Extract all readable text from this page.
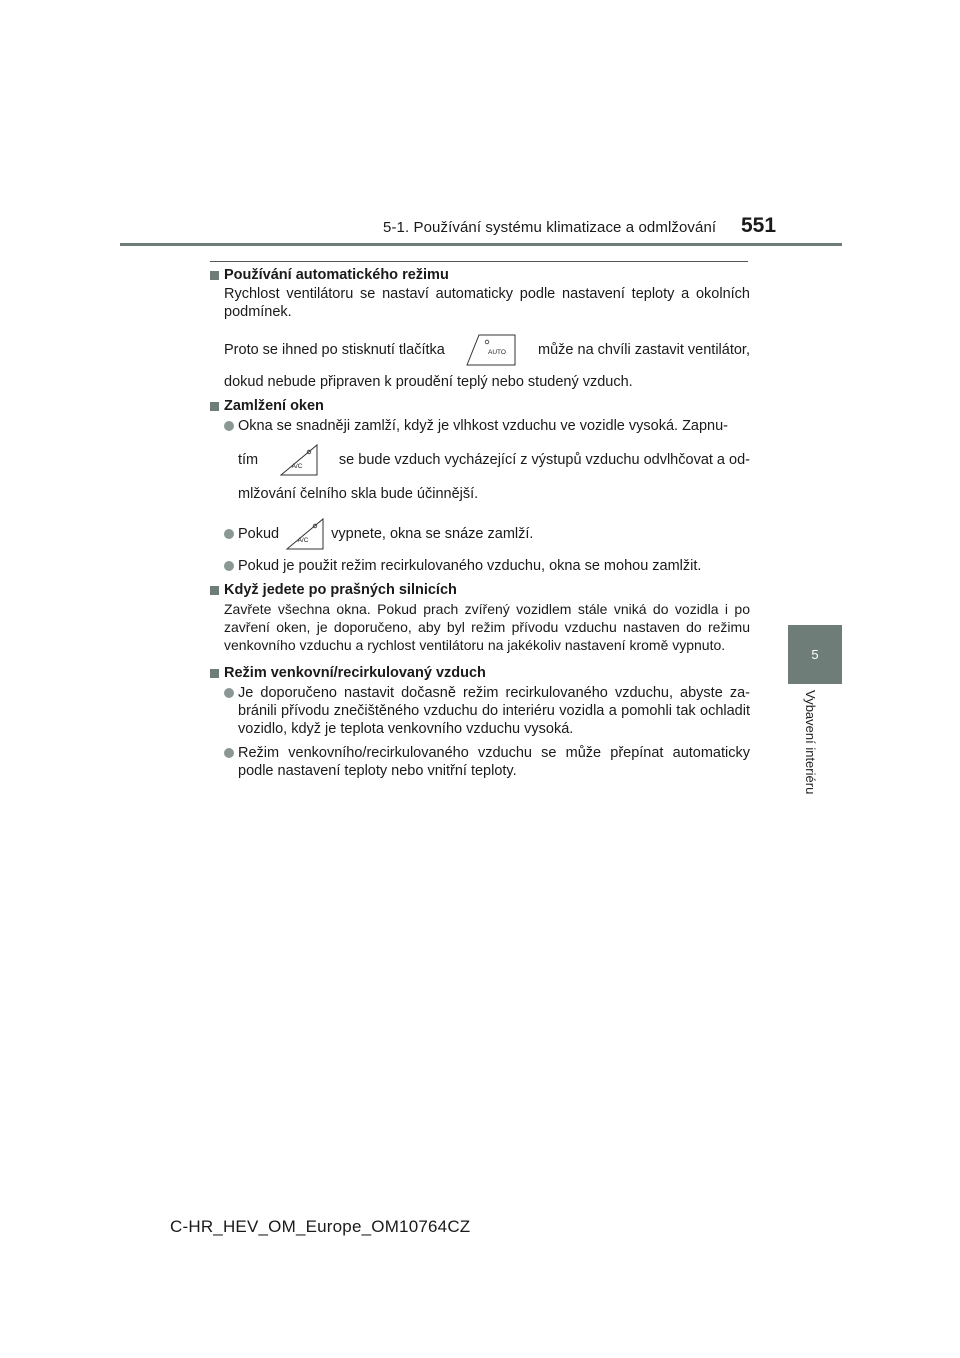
5-1. Používání systému klimatizace a odmlžování 551
5
Vybavení interiéru
Používání automatického režimu

Rychlost ventilátoru se nastaví automaticky podle nastavení teploty a okolních podmínek.

Proto se ihned po stisknutí tlačítka	AUTO může na chvíli zastavit ventilátor,

dokud nebude připraven k proudění teplý nebo studený vzduch.

Zamlžení oken
Okna se snadněji zamlží, když je vlhkost vzduchu ve vozidle vysoká. Zapnu-
tím	A/C	se bude vzduch vycházející z výstupů vzduchu odvlhčovat a od-
mlžování čelního skla bude účinnější.
Pokud	A/C vypnete, okna se snáze zamlží.
Pokud je použit režim recirkulovaného vzduchu, okna se mohou zamlžit.
Když jedete po prašných silnicích

Zavřete všechna okna. Pokud prach zvířený vozidlem stále vniká do vozidla i po zavření oken, je doporučeno, aby byl režim přívodu vzduchu nastaven do režimu venkovního vzduchu a rychlost ventilátoru na jakékoliv nastavení kromě vypnuto.

Režim venkovní/recirkulovaný vzduch
Je doporučeno nastavit dočasně režim recirkulovaného vzduchu, abyste za-bránili přívodu znečištěného vzduchu do interiéru vozidla a pomohli tak ochladit vozidlo, když je teplota venkovního vzduchu vysoká.
Režim venkovního/recirkulovaného vzduchu se může přepínat automaticky podle nastavení teploty nebo vnitřní teploty.
C-HR_HEV_OM_Europe_OM10764CZ
